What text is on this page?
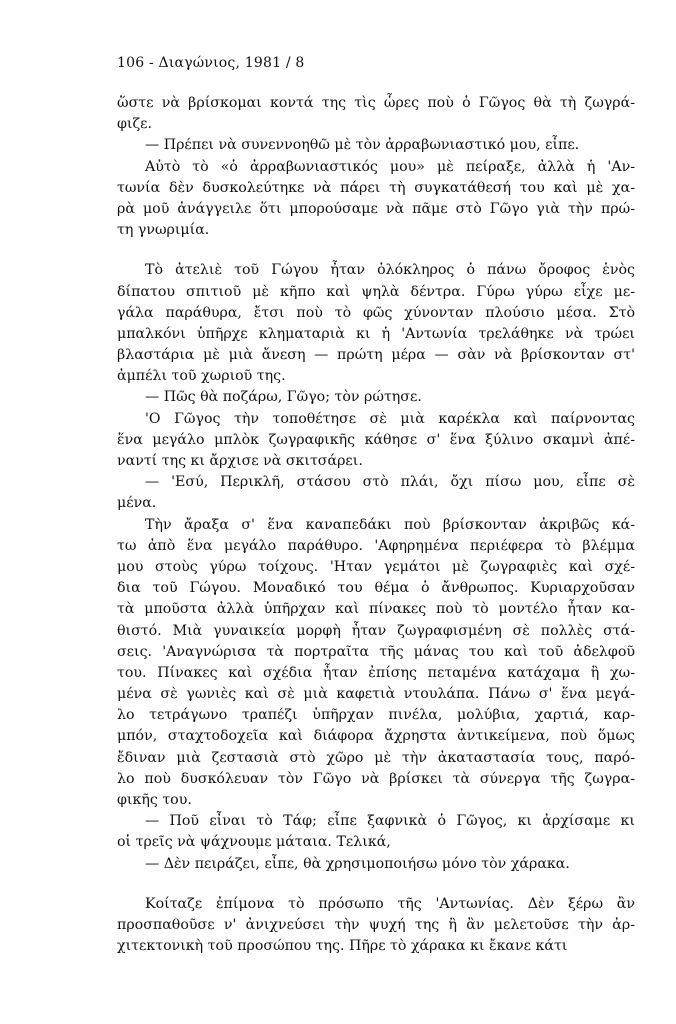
106 - Διαγώνιος, 1981 / 8
ὥστε νὰ βρίσκομαι κοντά της τὶς ὧρες ποὺ ὁ Γῶγος θὰ τὴ ζωγρά-
φιζε.
— Πρέπει νὰ συνεννοηθῶ μὲ τὸν ἀρραβωνιαστικό μου, εἶπε.
Αὐτὸ τὸ «ὁ ἀρραβωνιαστικός μου» μὲ πείραξε, ἀλλὰ ἡ 'Αν-
τωνία δὲν δυσκολεύτηκε νὰ πάρει τὴ συγκατάθεσή του καὶ μὲ χα-
ρὰ μοῦ ἀνάγγειλε ὅτι μπορούσαμε νὰ πᾶμε στὸ Γῶγο γιὰ τὴν πρώ-
τη γνωριμία.
Τὸ ἀτελιὲ τοῦ Γώγου ἦταν ὁλόκληρος ὁ πάνω ὄροφος ἑνὸς
δίπατου σπιτιοῦ μὲ κῆπο καὶ ψηλὰ δέντρα. Γύρω γύρω εἶχε με-
γάλα παράθυρα, ἔτσι ποὺ τὸ φῶς χύνονταν πλούσιο μέσα. Στὸ
μπαλκόνι ὑπῆρχε κληματαριὰ κι ἡ 'Αντωνία τρελάθηκε νὰ τρώει
βλαστάρια μὲ μιὰ ἄνεση — πρώτη μέρα — σὰν νὰ βρίσκονταν στ'
ἀμπέλι τοῦ χωριοῦ της.
— Πῶς θὰ ποζάρω, Γῶγο; τὸν ρώτησε.
'Ο Γῶγος τὴν τοποθέτησε σὲ μιὰ καρέκλα καὶ παίρνοντας
ἕνα μεγάλο μπλὸκ ζωγραφικῆς κάθησε σ' ἕνα ξύλινο σκαμνὶ ἀπέ-
ναντί της κι ἄρχισε νὰ σκιτσάρει.
— 'Εσύ, Περικλῆ, στάσου στὸ πλάι, ὄχι πίσω μου, εἶπε σὲ
μένα.
Τὴν ἄραξα σ' ἕνα καναπεδάκι ποὺ βρίσκονταν ἀκριβῶς κά-
τω ἀπὸ ἕνα μεγάλο παράθυρο. 'Αφηρημένα περιέφερα τὸ βλέμμα
μου στοὺς γύρω τοίχους. 'Ηταν γεμάτοι μὲ ζωγραφιὲς καὶ σχέ-
δια τοῦ Γώγου. Μοναδικό του θέμα ὁ ἄνθρωπος. Κυριαρχοῦσαν
τὰ μποῦστα ἀλλὰ ὑπῆρχαν καὶ πίνακες ποὺ τὸ μοντέλο ἦταν κα-
θιστό. Μιὰ γυναικεία μορφὴ ἦταν ζωγραφισμένη σὲ πολλὲς στά-
σεις. 'Αναγνώρισα τὰ πορτραῖτα τῆς μάνας του καὶ τοῦ ἀδελφοῦ
του. Πίνακες καὶ σχέδια ἦταν ἐπίσης πεταμένα κατάχαμα ἢ χω-
μένα σὲ γωνιὲς καὶ σὲ μιὰ καφετιὰ ντουλάπα. Πάνω σ' ἕνα μεγά-
λο τετράγωνο τραπέζι ὑπῆρχαν πινέλα, μολύβια, χαρτιά, καρ-
μπόν, σταχτοδοχεῖα καὶ διάφορα ἄχρηστα ἀντικείμενα, ποὺ ὅμως
ἔδιναν μιὰ ζεστασιὰ στὸ χῶρο μὲ τὴν ἀκαταστασία τους, παρό-
λο ποὺ δυσκόλευαν τὸν Γῶγο νὰ βρίσκει τὰ σύνεργα τῆς ζωγρα-
φικῆς του.
— Ποῦ εἶναι τὸ Τάφ; εἶπε ξαφνικὰ ὁ Γῶγος, κι ἀρχίσαμε κι
οἱ τρεῖς νὰ ψάχνουμε μάταια. Τελικά,
— Δὲν πειράζει, εἶπε, θὰ χρησιμοποιήσω μόνο τὸν χάρακα.
Κοίταζε ἐπίμονα τὸ πρόσωπο τῆς 'Αντωνίας. Δὲν ξέρω ἂν
προσπαθοῦσε ν' ἀνιχνεύσει τὴν ψυχή της ἢ ἂν μελετοῦσε τὴν ἀρ-
χιτεκτονικὴ τοῦ προσώπου της. Πῆρε τὸ χάρακα κι ἔκανε κάτι
